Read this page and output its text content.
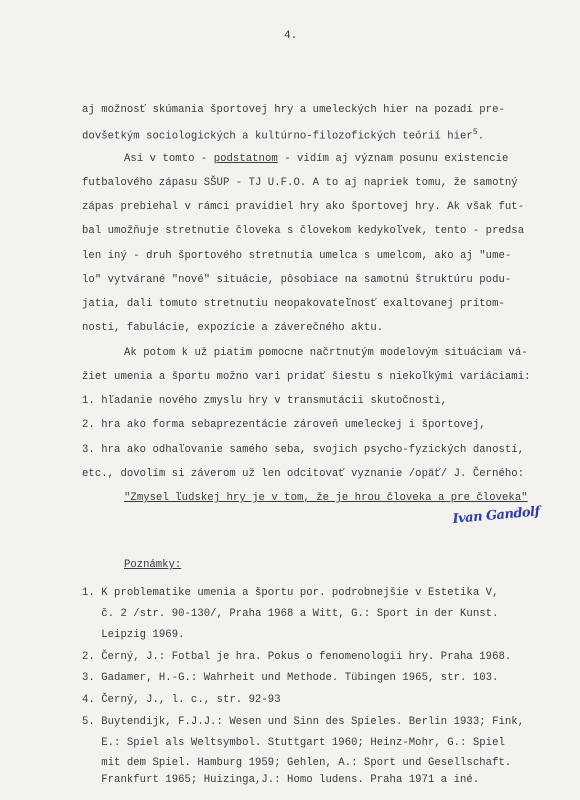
4.
aj možnosť skúmania športovej hry a umeleckých hier na pozadí pre-
dovšetkým sociologických a kultúrno-filozofických teórií hier$^5$.
Asi v tomto - podstatnom - vidím aj význam posunu existencie
futbalového zápasu SŠUP - TJ U.F.O. A to aj napriek tomu, že samotný
zápas prebiehal v rámci pravidiel hry ako športovej hry. Ak však fut-
bal umožňuje stretnutie človeka s človekom kedykoľvek, tento - predsa
len iný - druh športového stretnutia umelca s umelcom, ako aj "ume-
lo" vytvárané "nové" situácie, pôsobiace na samotnú štruktúru podu-
jatia, dali tomuto stretnutiu neopakovateľnosť exaltovanej prítom-
nosti, fabulácie, expozície a záverečného aktu.
Ak potom k už piatim pomocne načrtnutým modelovým situáciam vá-
žiet umenia a športu možno vari pridať šiestu s niekoľkými variáciami:
1. hľadanie nového zmyslu hry v transmutácii skutočnosti,
2. hra ako forma sebaprezentácie zároveň umeleckej i športovej,
3. hra ako odhaľovanie samého seba, svojich psycho-fyzických daností,
etc., dovolím si záverom už len odcitovať vyznanie /opäť/ J. Černého:
"Zmysel ľudskej hry je v tom, že je hrou človeka a pre človeka"
Ivan Gandolf
Poznámky:
1. K problematike umenia a športu por. podrobnejšie v Estetika V,
č. 2 /str. 90-130/, Praha 1968 a Witt, G.: Sport in der Kunst.
Leipzig 1969.
2. Černý, J.: Fotbal je hra. Pokus o fenomenologii hry. Praha 1968.
3. Gadamer, H.-G.: Wahrheit und Methode. Tübingen 1965, str. 103.
4. Černý, J., l. c., str. 92-93
5. Buytendijk, F.J.J.: Wesen und Sinn des Spieles. Berlin 1933; Fink,
E.: Spiel als Weltsymbol. Stuttgart 1960; Heinz-Mohr, G.: Spiel
mit dem Spiel. Hamburg 1959; Gehlen, A.: Sport und Gesellschaft.
Frankfurt 1965; Huizinga,J.: Homo ludens. Praha 1971 a iné.
